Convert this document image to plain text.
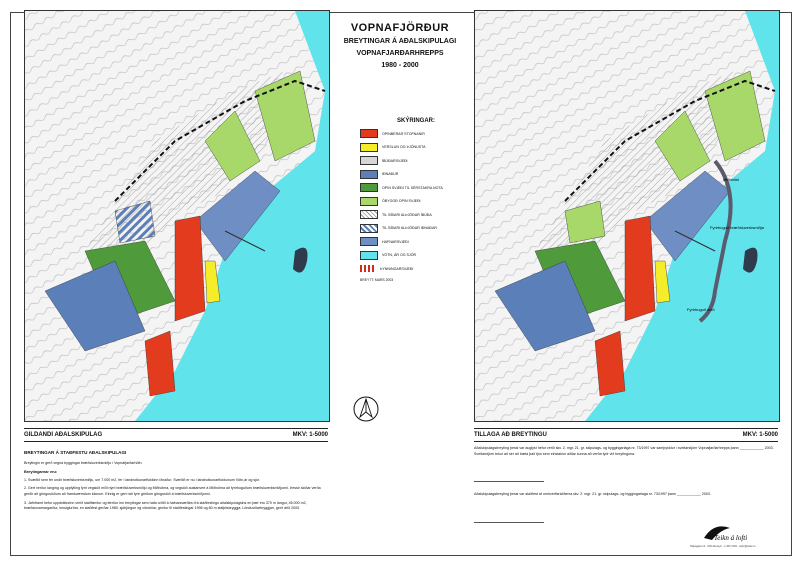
Fyrirhuguð bræðsluverksmiðja
Fyrirhuguð slóð
Miðhólmi
VOPNAFJÖRÐUR
BREYTINGAR Á AÐALSKIPULAGI
VOPNAFJARÐARHREPPS
1980 - 2000
SKÝRINGAR:
OPINBERAR STOFNANIR
VERSLUN OG ÞJÓNUSTA
ÍBÚÐARSVÆÐI
IÐNAÐUR
OPIN SVÆÐI TIL SÉRSTAKRA NOTA
ÓBYGGÐ OPIN SVÆÐI
TIL SÍÐARI ALÞJÓÐAR ÍBÚÐA
TIL SÍÐARI ALÞJÓÐAR IÐNAÐAR
HAFNARSVÆÐI
VÖTN, ÁR OG SJÓR
ÞYNNINGARSVÆÐI
BREYTT: MARS 2003
GILDANDI AÐALSKIPULAG	MKV: 1-5000	TILLAGA AÐ BREYTINGU	MKV: 1-5000
BREYTINGAR Á STAÐFESTU AÐALSKIPULAGI
Breytingin er gerð vegna byggingar bræðsluverksmiðju í Vopnafjarðarhöfn.
Breytingarnar eru:
1. Svæðið sem fer undir bræðsluverksmiðju, um 7.000 m2, fer í landnotkunarflokkinn iðnaður. Svæðið er nú í landnotkunarflokkunum Vötn,ár og sjór.
2. Gert verður langing og uppfylling fyrir vegslóð milli nýrri bræðsluverksmiðju og Miðhólma, og vegslóð austanvert á Miðhólma að fyrirhuguðum bræðsluverksmiðjunni. Þessir slóðar verða gerðir að gönguslóðum að framkvæmdum loknum. Einnig er gert ráð fyrir görðum gönguslóð á bræðsluverksmiðjunni.
3. Jafnframt hefur uppdrátturinn verið staðfærður og færður inn breytingar sem hafa orðið á hafnarsvæðinu frá staðfestingu aðalskipulagsins en þær eru 370 m langur, 45.000 m2, bræðsluvarnargarður, innsiglurðar, en staðfest gerðar 1980; sjóbjörgun og vörubílar, gerður til staðfestingar 1996 og 80 m stálþilsbryggja. Lönduviðarbryggjan, gerð árið 2000.
Aðalskipulagsbreyting þessi var auglýst hefur verið skv. 2. mgr. 21. gr. skipulags- og byggingarlaga nr. 73/1997 var samþykktur í sveitarstjórn Vopnafjarðarhrepps þann ____________ 2003.
Sveitarstjórn tekur að sér að bæta það tjón sem einstaklur aðilar kunna að verða fyrir við breytinguna.
Aðalskipulagsbreyting þessi var staðfest af umhverfisráðherra skv. 2. mgr. 21. gr. skipulags- og byggingarlaga nr. 73/1997 þann ____________ 2003.
Teikn á lofti
Skipagata 12 - 600 Akureyri - s 460 7200 - teikn@teikn.is
